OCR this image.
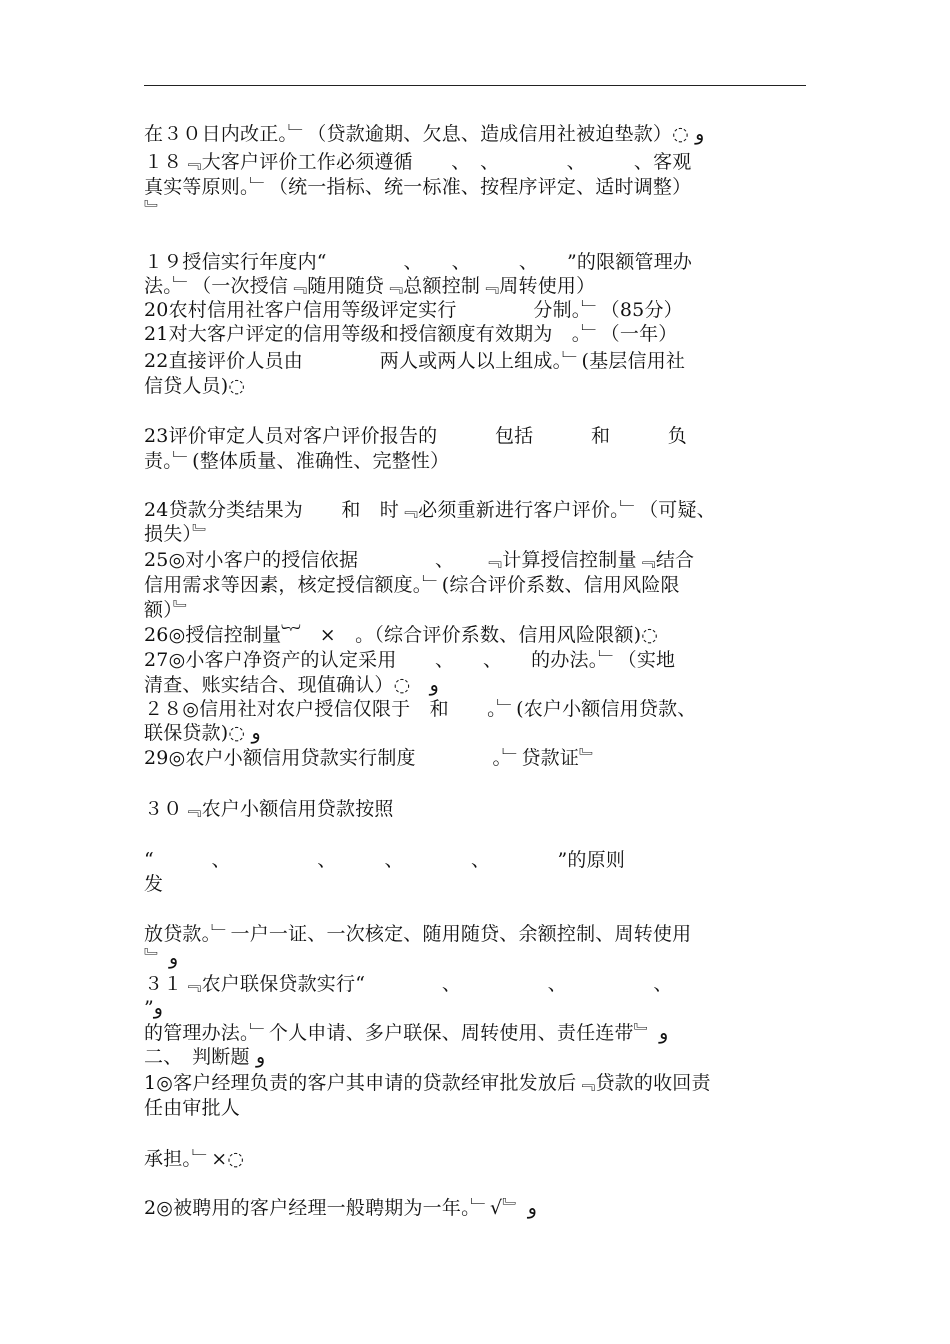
在３０日内改正。﹂（贷款逾期、欠息、造成信用社被迫垫款）◌ و
１８﹃大客户评价工作必须遵循　　、　、　　　　、　　　、客观
真实等原则。﹂（统一指标、统一标准、按程序评定、适时调整）
﹄
１９授信实行年度内“　　　　、　　、　　　、　　”的限额管理办
法。﹂（一次授信﹃随用随贷﹃总额控制﹃周转使用）
20农村信用社客户信用等级评定实行　　　　分制。﹂（85分）
21对大客户评定的信用等级和授信额度有效期为　。﹂（一年）
22直接评价人员由　　　　两人或两人以上组成。﹂(基层信用社
信贷人员)◌
23评价审定人员对客户评价报告的　　　包括　　　和　　　负
责。﹂(整体质量、准确性、完整性）
24贷款分类结果为　　和　时﹃必须重新进行客户评价。﹂（可疑、
损失）﹄
25◎对小客户的授信依据　　　　、　　﹃计算授信控制量﹃结合
信用需求等因素，核定授信额度。﹂(综合评价系数、信用风险限
额）﹄
26◎授信控制量︸　×　。（综合评价系数、信用风险限额)◌
27◎小客户净资产的认定采用　　、　　、　　的办法。﹂（实地
清查、账实结合、现值确认）◌　و
２８◎信用社对农户授信仅限于　和　　。﹂(农户小额信用贷款、
联保贷款)◌ و
29◎农户小额信用贷款实行制度　　　　。﹂贷款证﹄
３０﹃农户小额信用贷款按照
“　　　、　　　　　、　　　、　　　　、　　　　”的原则
发
放贷款。﹂一户一证、一次核定、随用随贷、余额控制、周转使用
﹄ و
３１﹃农户联保贷款实行“　　　　、　　　　　、　　　　　、
”و
的管理办法。﹂个人申请、多户联保、周转使用、责任连带﹄ و
二、　判断题 و
1◎客户经理负责的客户其申请的贷款经审批发放后﹃贷款的收回责
任由审批人
承担。﹂×◌
2◎被聘用的客户经理一般聘期为一年。﹂√﹄ و
